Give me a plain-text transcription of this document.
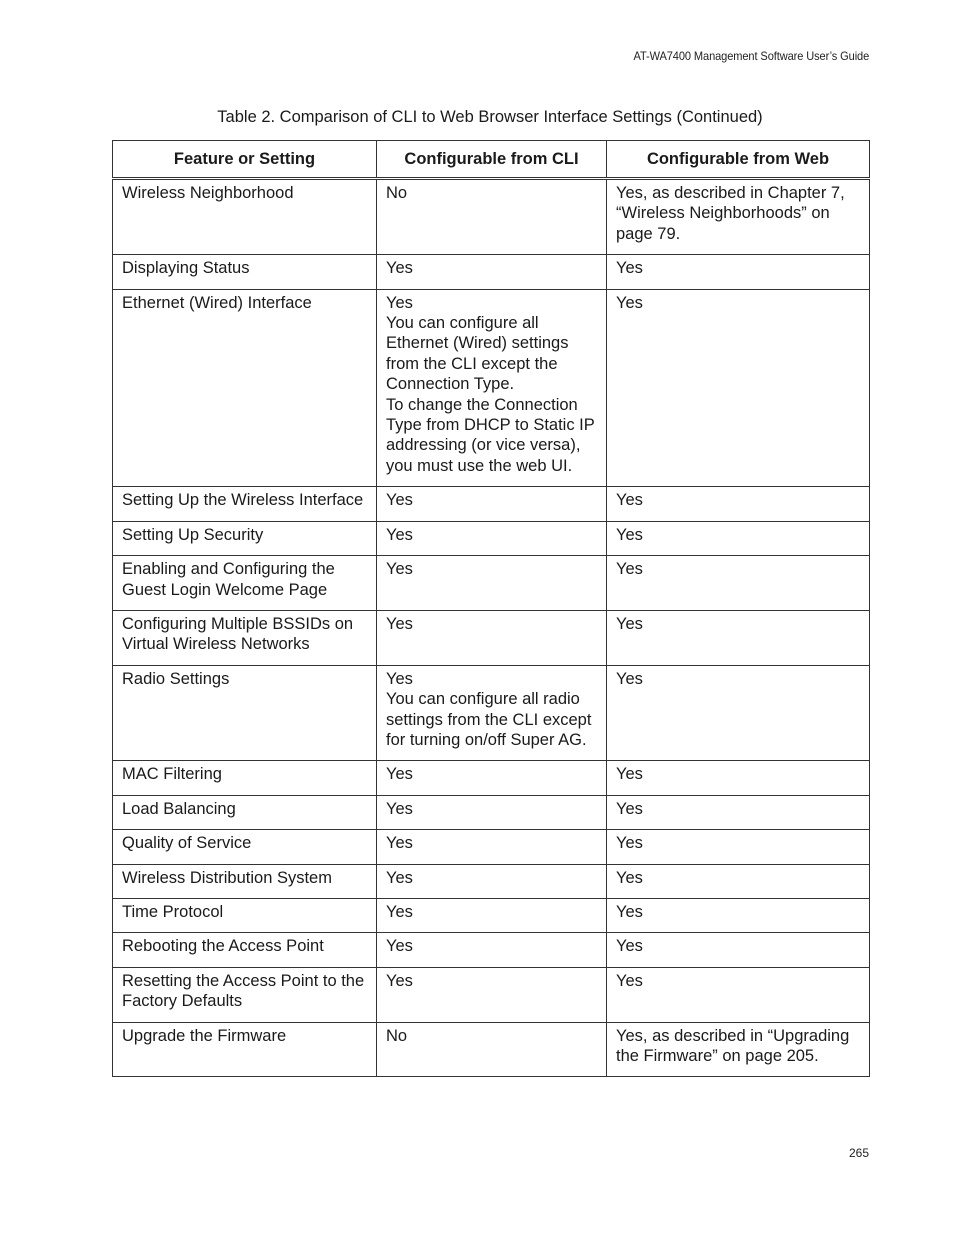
AT-WA7400 Management Software User’s Guide
Table 2. Comparison of CLI to Web Browser Interface Settings (Continued)
Feature or Setting	Configurable from CLI	Configurable from Web

Wireless Neighborhood	No	Yes, as described in Chapter 7, “Wireless Neighborhoods” on page 79.

Displaying Status	Yes	Yes

Ethernet (Wired) Interface	Yes
You can configure all Ethernet (Wired) settings from the CLI except the Connection Type.
To change the Connection Type from DHCP to Static IP addressing (or vice versa), you must use the web UI.	Yes

Setting Up the Wireless Interface	Yes	Yes

Setting Up Security	Yes	Yes

Enabling and Configuring the Guest Login Welcome Page	Yes	Yes

Configuring Multiple BSSIDs on Virtual Wireless Networks	Yes	Yes

Radio Settings	Yes
You can configure all radio settings from the CLI except for turning on/off Super AG.	Yes

MAC Filtering	Yes	Yes

Load Balancing	Yes	Yes

Quality of Service	Yes	Yes

Wireless Distribution System	Yes	Yes

Time Protocol	Yes	Yes

Rebooting the Access Point	Yes	Yes

Resetting the Access Point to the Factory Defaults	Yes	Yes

Upgrade the Firmware	No	Yes, as described in “Upgrading the Firmware” on page 205.
265
